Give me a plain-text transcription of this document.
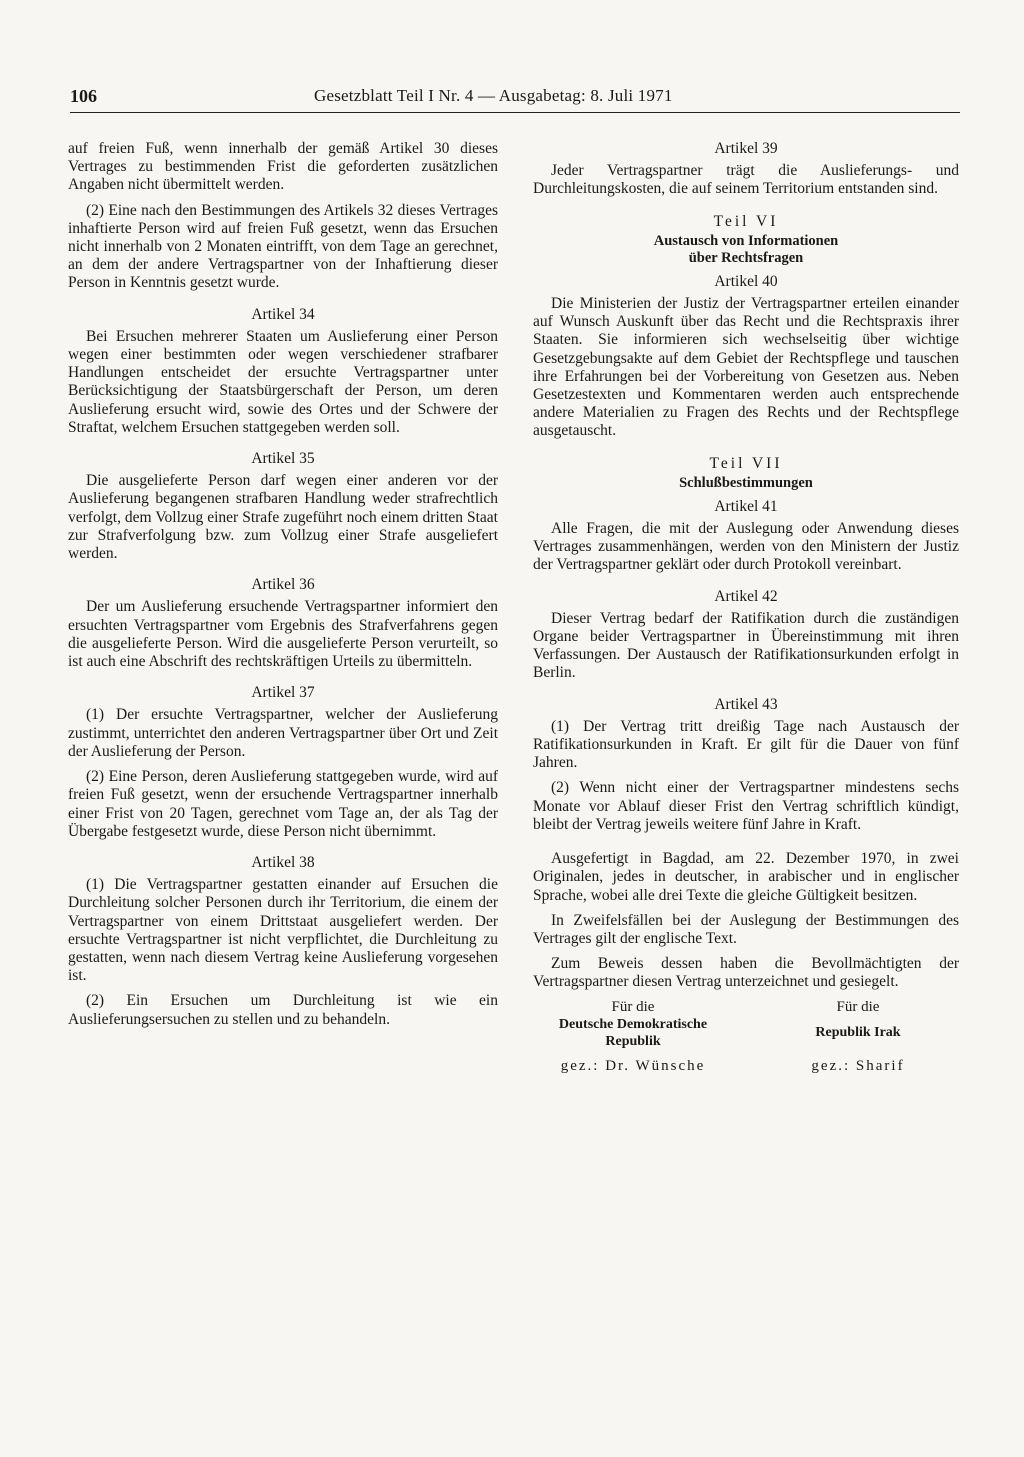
106	Gesetzblatt Teil I Nr. 4 — Ausgabetag: 8. Juli 1971

auf freien Fuß, wenn innerhalb der gemäß Artikel 30 dieses Vertrages zu bestimmenden Frist die geforderten zusätzlichen Angaben nicht übermittelt werden.

(2) Eine nach den Bestimmungen des Artikels 32 dieses Vertrages inhaftierte Person wird auf freien Fuß gesetzt, wenn das Ersuchen nicht innerhalb von 2 Monaten eintrifft, von dem Tage an gerechnet, an dem der andere Vertragspartner von der Inhaftierung dieser Person in Kenntnis gesetzt wurde.

Artikel 34

Bei Ersuchen mehrerer Staaten um Auslieferung einer Person wegen einer bestimmten oder wegen verschiedener strafbarer Handlungen entscheidet der ersuchte Vertragspartner unter Berücksichtigung der Staatsbürgerschaft der Person, um deren Auslieferung ersucht wird, sowie des Ortes und der Schwere der Straftat, welchem Ersuchen stattgegeben werden soll.

Artikel 35

Die ausgelieferte Person darf wegen einer anderen vor der Auslieferung begangenen strafbaren Handlung weder strafrechtlich verfolgt, dem Vollzug einer Strafe zugeführt noch einem dritten Staat zur Strafverfolgung bzw. zum Vollzug einer Strafe ausgeliefert werden.

Artikel 36

Der um Auslieferung ersuchende Vertragspartner informiert den ersuchten Vertragspartner vom Ergebnis des Strafverfahrens gegen die ausgelieferte Person. Wird die ausgelieferte Person verurteilt, so ist auch eine Abschrift des rechtskräftigen Urteils zu übermitteln.

Artikel 37

(1) Der ersuchte Vertragspartner, welcher der Auslieferung zustimmt, unterrichtet den anderen Vertragspartner über Ort und Zeit der Auslieferung der Person.

(2) Eine Person, deren Auslieferung stattgegeben wurde, wird auf freien Fuß gesetzt, wenn der ersuchende Vertragspartner innerhalb einer Frist von 20 Tagen, gerechnet vom Tage an, der als Tag der Übergabe festgesetzt wurde, diese Person nicht übernimmt.

Artikel 38

(1) Die Vertragspartner gestatten einander auf Ersuchen die Durchleitung solcher Personen durch ihr Territorium, die einem der Vertragspartner von einem Drittstaat ausgeliefert werden. Der ersuchte Vertragspartner ist nicht verpflichtet, die Durchleitung zu gestatten, wenn nach diesem Vertrag keine Auslieferung vorgesehen ist.

(2) Ein Ersuchen um Durchleitung ist wie ein Auslieferungsersuchen zu stellen und zu behandeln.

Artikel 39

Jeder Vertragspartner trägt die Auslieferungs- und Durchleitungskosten, die auf seinem Territorium entstanden sind.

Teil VI
Austausch von Informationen
über Rechtsfragen
Artikel 40

Die Ministerien der Justiz der Vertragspartner erteilen einander auf Wunsch Auskunft über das Recht und die Rechtspraxis ihrer Staaten. Sie informieren sich wechselseitig über wichtige Gesetzgebungsakte auf dem Gebiet der Rechtspflege und tauschen ihre Erfahrungen bei der Vorbereitung von Gesetzen aus. Neben Gesetzestexten und Kommentaren werden auch entsprechende andere Materialien zu Fragen des Rechts und der Rechtspflege ausgetauscht.

Teil VII
Schlußbestimmungen
Artikel 41

Alle Fragen, die mit der Auslegung oder Anwendung dieses Vertrages zusammenhängen, werden von den Ministern der Justiz der Vertragspartner geklärt oder durch Protokoll vereinbart.

Artikel 42

Dieser Vertrag bedarf der Ratifikation durch die zuständigen Organe beider Vertragspartner in Übereinstimmung mit ihren Verfassungen. Der Austausch der Ratifikationsurkunden erfolgt in Berlin.

Artikel 43

(1) Der Vertrag tritt dreißig Tage nach Austausch der Ratifikationsurkunden in Kraft. Er gilt für die Dauer von fünf Jahren.

(2) Wenn nicht einer der Vertragspartner mindestens sechs Monate vor Ablauf dieser Frist den Vertrag schriftlich kündigt, bleibt der Vertrag jeweils weitere fünf Jahre in Kraft.

Ausgefertigt in Bagdad, am 22. Dezember 1970, in zwei Originalen, jedes in deutscher, in arabischer und in englischer Sprache, wobei alle drei Texte die gleiche Gültigkeit besitzen.

In Zweifelsfällen bei der Auslegung der Bestimmungen des Vertrages gilt der englische Text.

Zum Beweis dessen haben die Bevollmächtigten der Vertragspartner diesen Vertrag unterzeichnet und gesiegelt.

Für die
Deutsche Demokratische
Republik
gez.: Dr. Wünsche
Für die
Republik Irak
gez.: Sharif
